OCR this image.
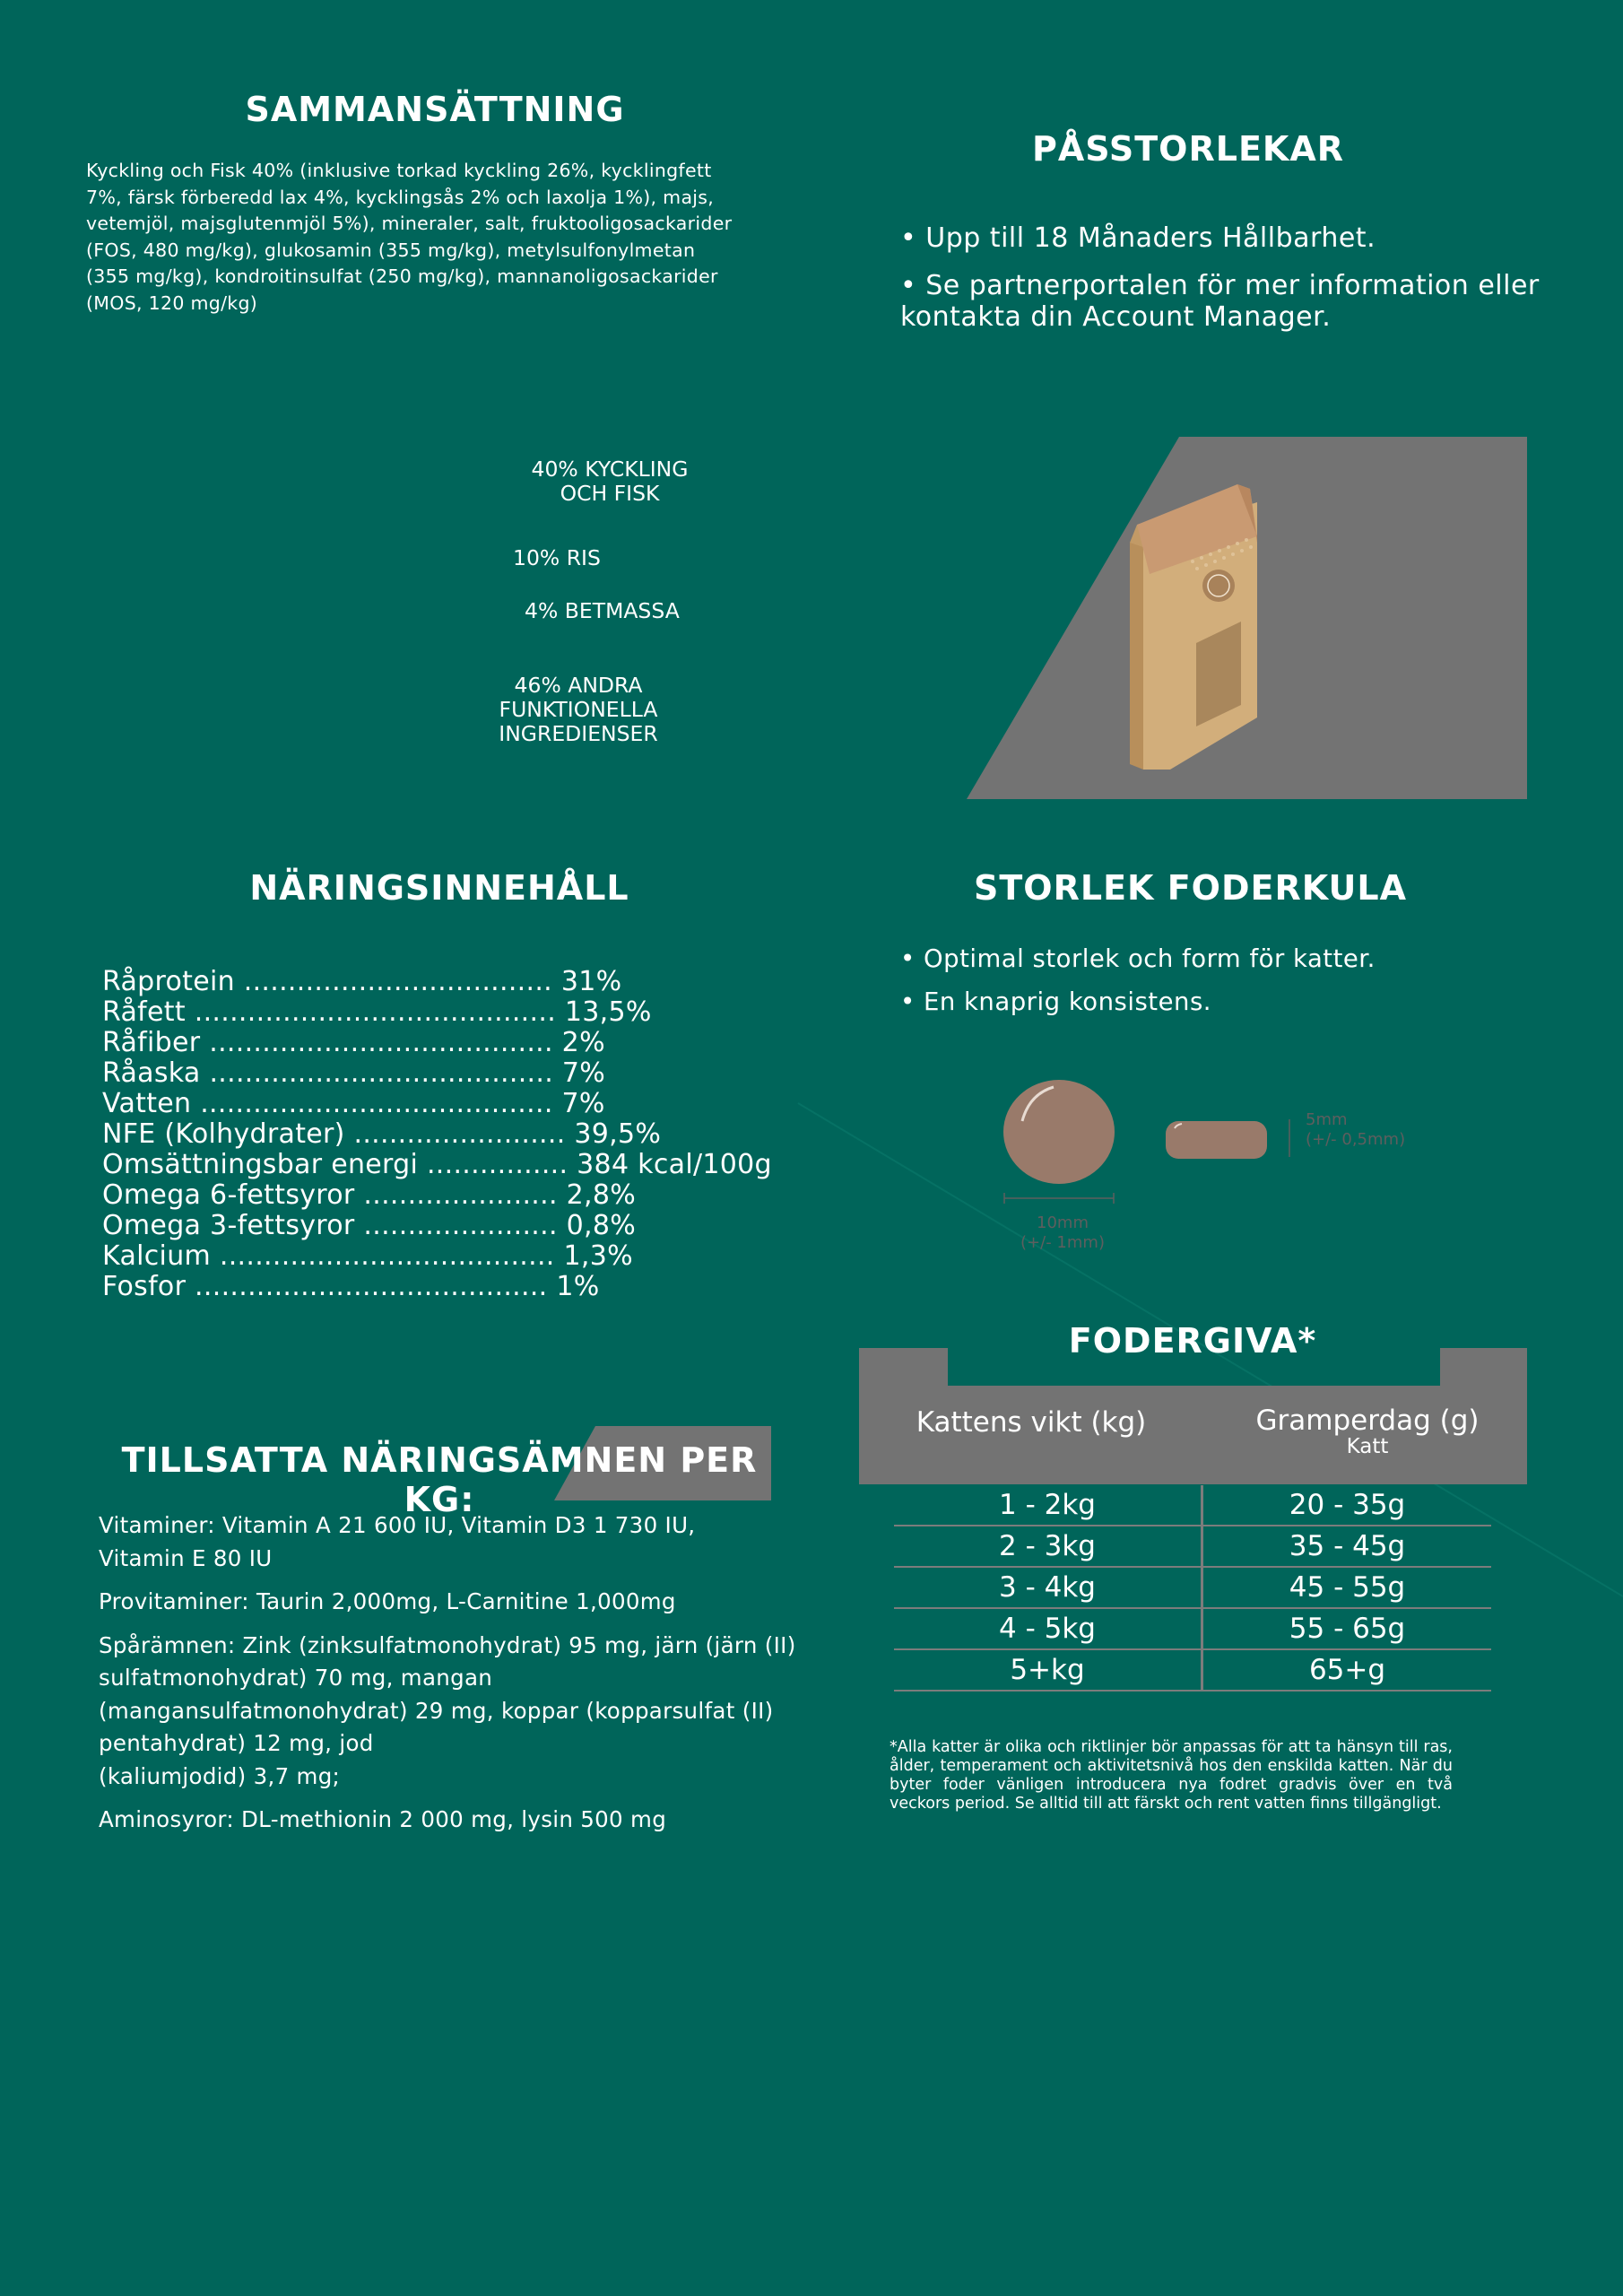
SAMMANSÄTTNING
Kyckling och Fisk 40% (inklusive torkad kyckling 26%, kycklingfett
7%, färsk förberedd lax 4%, kycklingsås 2% och laxolja 1%), majs,
vetemjöl, majsglutenmjöl 5%), mineraler, salt, fruktooligosackarider
(FOS, 480 mg/kg), glukosamin (355 mg/kg), metylsulfonylmetan
(355 mg/kg), kondroitinsulfat (250 mg/kg), mannanoligosackarider
(MOS, 120 mg/kg)
PÅSSTORLEKAR

• Upp till 18 Månaders Hållbarhet.

• Se partnerportalen för mer information eller kontakta din Account Manager.

40% KYCKLING
OCH FISK
10% RIS
4% BETMASSA
46% ANDRA
FUNKTIONELLA
INGREDIENSER
NÄRINGSINNEHÅLL
Råprotein ................................... 31%
Råfett ......................................... 13,5%
Råfiber ....................................... 2%
Råaska ....................................... 7%
Vatten ........................................ 7%
NFE (Kolhydrater) ........................ 39,5%
Omsättningsbar energi ................ 384 kcal/100g
Omega 6-fettsyror ...................... 2,8%
Omega 3-fettsyror ...................... 0,8%
Kalcium ...................................... 1,3%
Fosfor ........................................ 1%
STORLEK FODERKULA

• Optimal storlek och form för katter.

• En knaprig konsistens.

5mm
(+/- 0,5mm)
10mm
(+/- 1mm)
FODERGIVA*
Kattens vikt (kg)	Gramperdag (g)
Katt
1 - 2kg	20 - 35g
2 - 3kg	35 - 45g
3 - 4kg	45 - 55g
4 - 5kg	55 - 65g
5+kg	65+g
*Alla katter är olika och riktlinjer bör anpassas för att ta hänsyn till ras, ålder, temperament och aktivitetsnivå hos den enskilda katten. När du byter foder vänligen introducera nya fodret gradvis över en två veckors period. Se alltid till att färskt och rent vatten finns tillgängligt.
TILLSATTA NÄRINGSÄMNEN PER KG:

Vitaminer: Vitamin A 21 600 IU, Vitamin D3 1 730 IU,
Vitamin E 80 IU

Provitaminer: Taurin 2,000mg, L-Carnitine 1,000mg

Spårämnen: Zink (zinksulfatmonohydrat) 95 mg, järn (järn (II)
sulfatmonohydrat) 70 mg, mangan
(mangansulfatmonohydrat) 29 mg, koppar (kopparsulfat (II)
pentahydrat) 12 mg, jod
(kaliumjodid) 3,7 mg;

Aminosyror: DL-methionin 2 000 mg, lysin 500 mg
